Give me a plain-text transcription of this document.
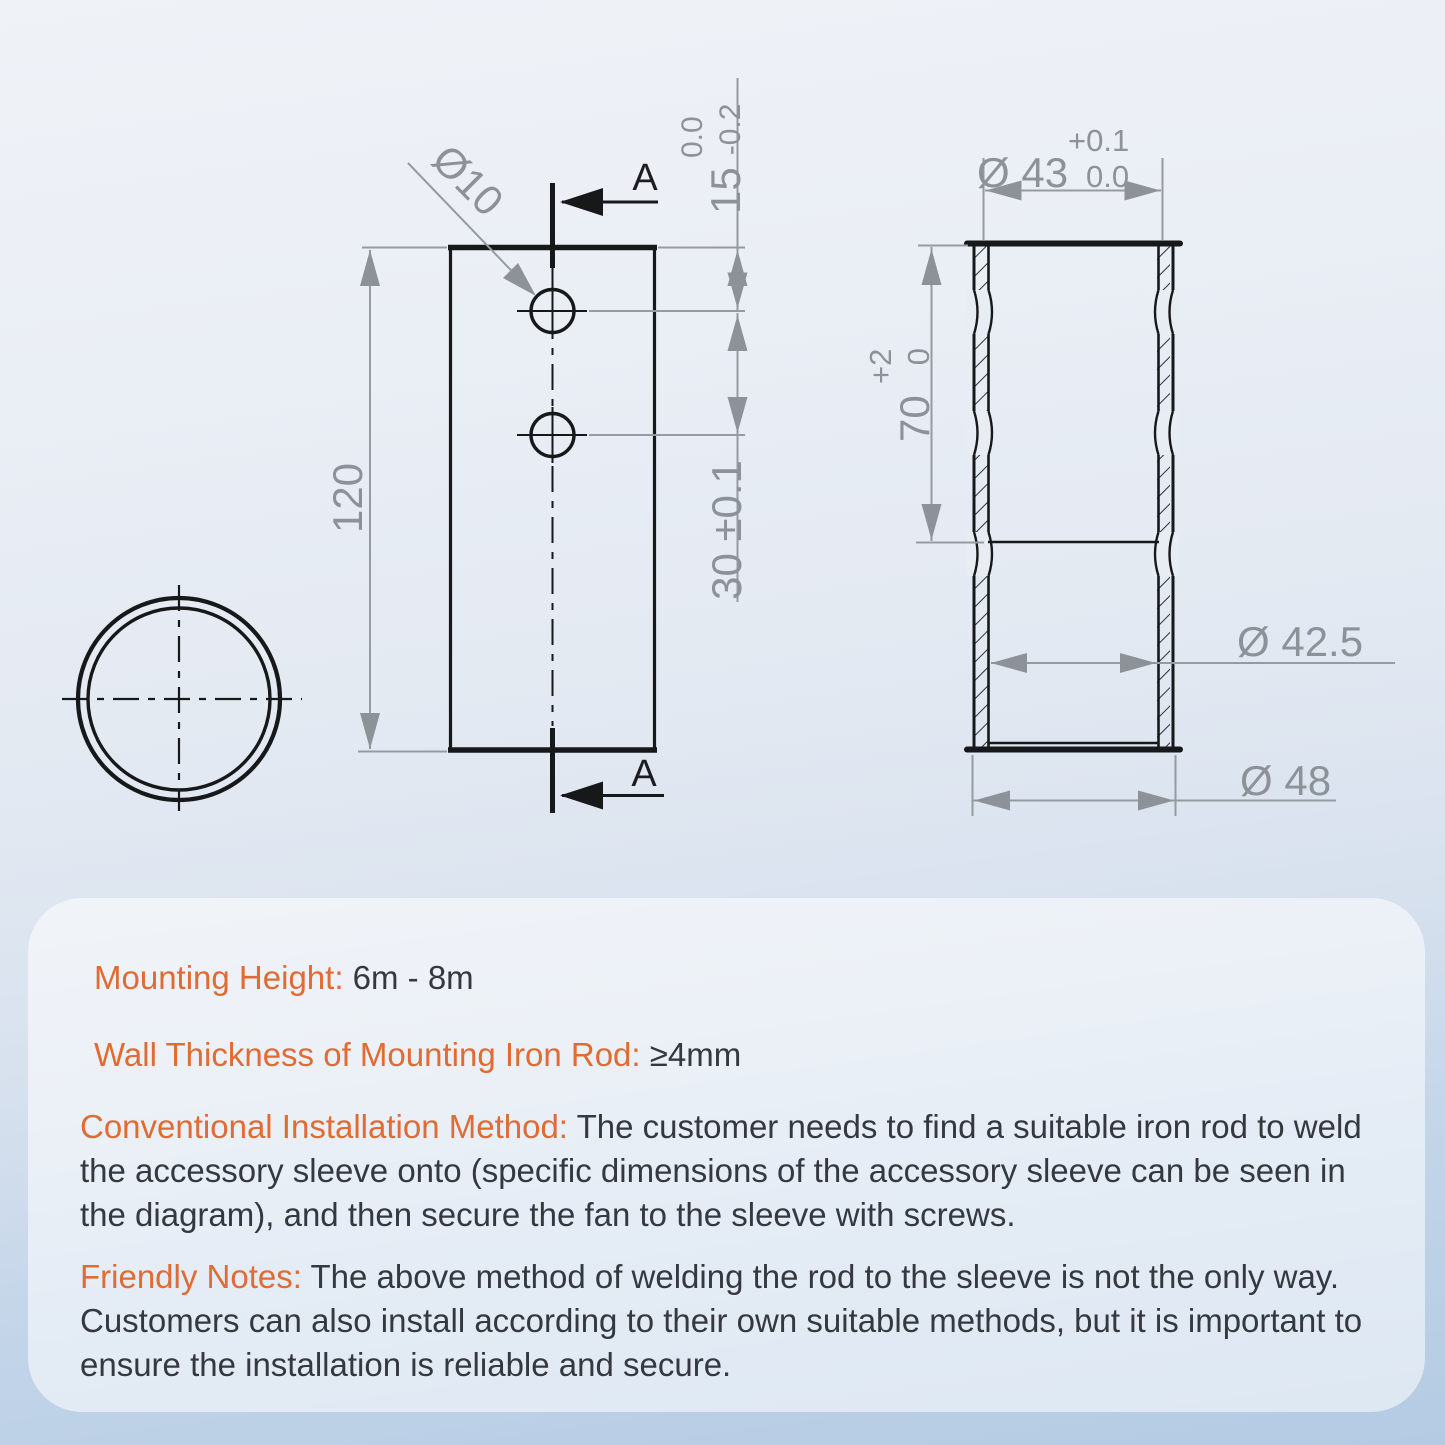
A
A
120
15-0.2
0.0
30 ±0.1
Ø10
700
+2
Ø 43 0.0
+0.1
Ø 42.5
Ø 48

Mounting Height: 6m - 8m

Wall Thickness of Mounting Iron Rod: ≥4mm

Conventional Installation Method: The customer needs to find a suitable iron rod to weld the accessory sleeve onto (specific dimensions of the accessory sleeve can be seen in the diagram), and then secure the fan to the sleeve with screws.

Friendly Notes: The above method of welding the rod to the sleeve is not the only way. Customers can also install according to their own suitable methods, but it is important to ensure the installation is reliable and secure.
